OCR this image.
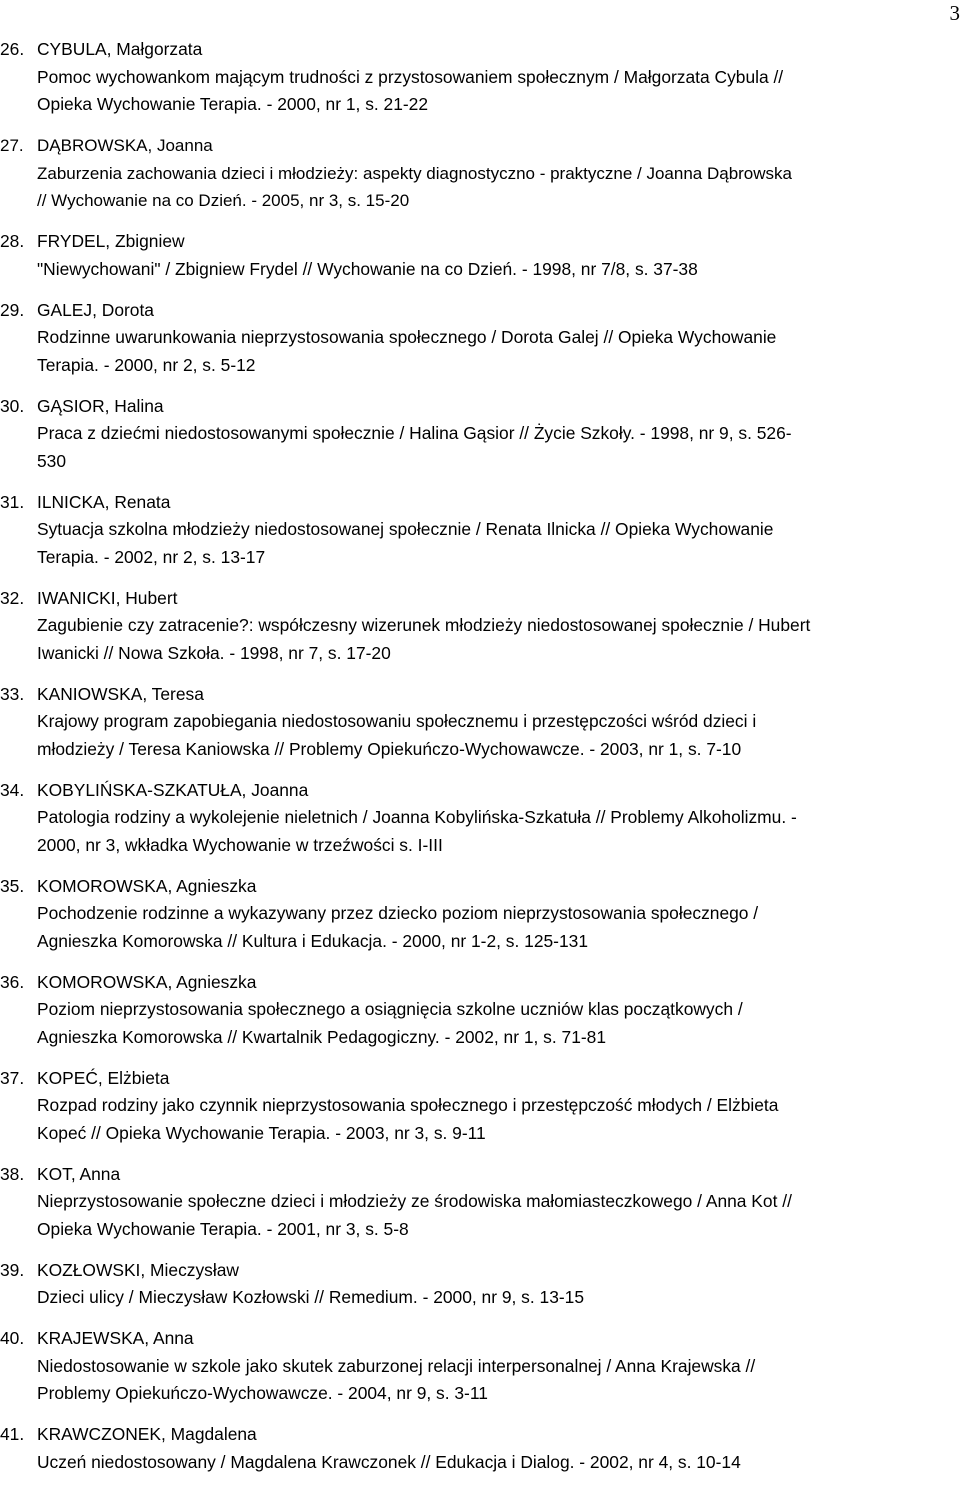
3
26. CYBULA, Małgorzata
Pomoc wychowankom mającym trudności z przystosowaniem społecznym / Małgorzata Cybula //
Opieka Wychowanie Terapia. - 2000, nr 1, s. 21-22
27. DĄBROWSKA, Joanna
Zaburzenia zachowania dzieci i młodzieży: aspekty diagnostyczno - praktyczne / Joanna Dąbrowska
// Wychowanie na co Dzień. - 2005, nr 3, s. 15-20
28. FRYDEL, Zbigniew
"Niewychowani" / Zbigniew Frydel // Wychowanie na co Dzień. - 1998, nr 7/8, s. 37-38
29. GALEJ, Dorota
Rodzinne uwarunkowania nieprzystosowania społecznego / Dorota Galej // Opieka Wychowanie
Terapia. - 2000, nr 2, s. 5-12
30. GĄSIOR, Halina
Praca z dziećmi niedostosowanymi społecznie / Halina Gąsior // Życie Szkoły. - 1998, nr 9, s. 526-
530
31. ILNICKA, Renata
Sytuacja szkolna młodzieży niedostosowanej społecznie / Renata Ilnicka // Opieka Wychowanie
Terapia. - 2002, nr 2, s. 13-17
32. IWANICKI, Hubert
Zagubienie czy zatracenie?: współczesny wizerunek młodzieży niedostosowanej społecznie / Hubert
Iwanicki // Nowa Szkoła. - 1998, nr 7, s. 17-20
33. KANIOWSKA, Teresa
Krajowy program zapobiegania niedostosowaniu społecznemu i przestępczości wśród dzieci i
młodzieży / Teresa Kaniowska // Problemy Opiekuńczo-Wychowawcze. - 2003, nr 1, s. 7-10
34. KOBYLIŃSKA-SZKATUŁA, Joanna
Patologia rodziny a wykolejenie nieletnich / Joanna Kobylińska-Szkatuła // Problemy Alkoholizmu. -
2000, nr 3, wkładka Wychowanie w trzeźwości s. I-III
35. KOMOROWSKA, Agnieszka
Pochodzenie rodzinne a wykazywany przez dziecko poziom nieprzystosowania społecznego /
Agnieszka Komorowska // Kultura i Edukacja. - 2000, nr 1-2, s. 125-131
36. KOMOROWSKA, Agnieszka
Poziom nieprzystosowania społecznego a osiągnięcia szkolne uczniów klas początkowych /
Agnieszka Komorowska // Kwartalnik Pedagogiczny. - 2002, nr 1, s. 71-81
37. KOPEĆ, Elżbieta
Rozpad rodziny jako czynnik nieprzystosowania społecznego i przestępczość młodych / Elżbieta
Kopeć // Opieka Wychowanie Terapia. - 2003, nr 3, s. 9-11
38. KOT, Anna
Nieprzystosowanie społeczne dzieci i młodzieży ze środowiska małomiasteczkowego / Anna Kot //
Opieka Wychowanie Terapia. - 2001, nr 3, s. 5-8
39. KOZŁOWSKI, Mieczysław
Dzieci ulicy / Mieczysław Kozłowski // Remedium. - 2000, nr 9, s. 13-15
40. KRAJEWSKA, Anna
Niedostosowanie w szkole jako skutek zaburzonej relacji interpersonalnej / Anna Krajewska //
Problemy Opiekuńczo-Wychowawcze. - 2004, nr 9, s. 3-11
41. KRAWCZONEK, Magdalena
Uczeń niedostosowany / Magdalena Krawczonek // Edukacja i Dialog. - 2002, nr 4, s. 10-14
